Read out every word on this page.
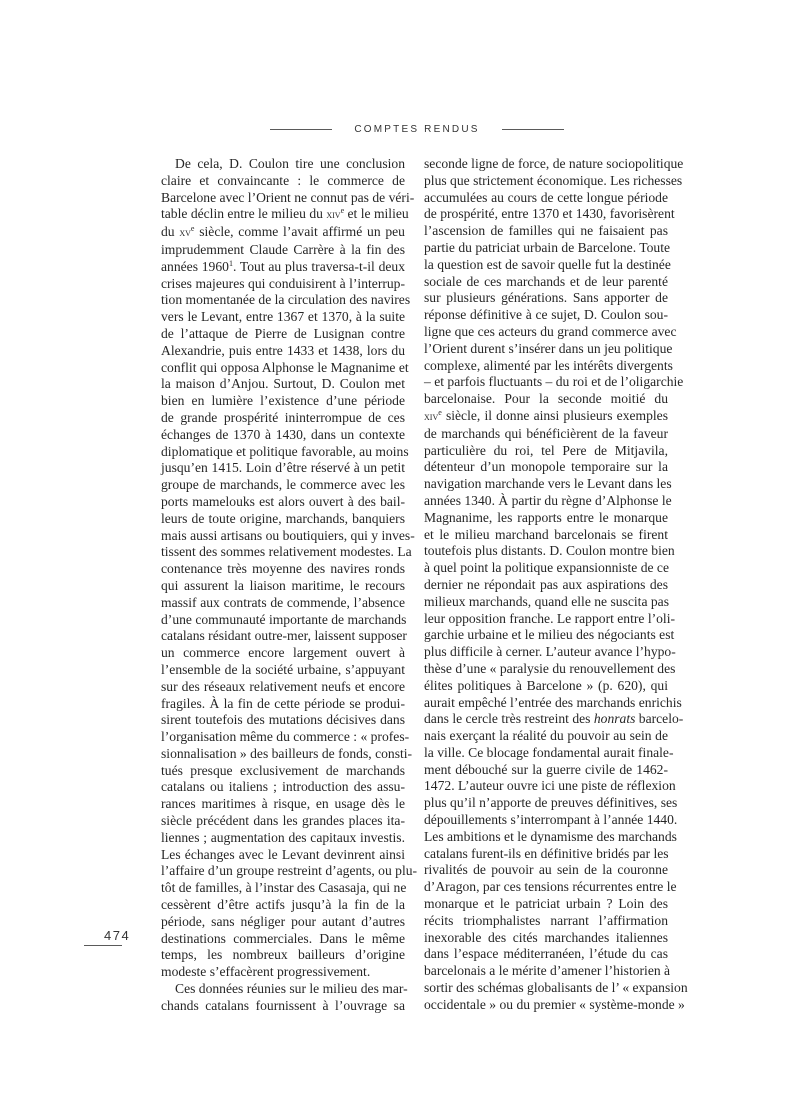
COMPTES RENDUS

De cela, D. Coulon tire une conclusion
claire et convaincante : le commerce de
Barcelone avec l’Orient ne connut pas de véri-
table déclin entre le milieu du xiv$^e$ et le milieu
du $xv^e$ siècle, comme l’avait affirmé un peu
imprudemment Claude Carrère à la fin des
années 1960$^1$. Tout au plus traversa-t-il deux
crises majeures qui conduisirent à l’interrup-
tion momentanée de la circulation des navires
vers le Levant, entre 1367 et 1370, à la suite
de l’attaque de Pierre de Lusignan contre
Alexandrie, puis entre 1433 et 1438, lors du
conflit qui opposa Alphonse le Magnanime et
la maison d’Anjou. Surtout, D. Coulon met
bien en lumière l’existence d’une période
de grande prospérité ininterrompue de ces
échanges de 1370 à 1430, dans un contexte
diplomatique et politique favorable, au moins
jusqu’en 1415. Loin d’être réservé à un petit
groupe de marchands, le commerce avec les
ports mamelouks est alors ouvert à des bail-
leurs de toute origine, marchands, banquiers
mais aussi artisans ou boutiquiers, qui y inves-
tissent des sommes relativement modestes. La
contenance très moyenne des navires ronds
qui assurent la liaison maritime, le recours
massif aux contrats de commende, l’absence
d’une communauté importante de marchands
catalans résidant outre-mer, laissent supposer
un commerce encore largement ouvert à
l’ensemble de la société urbaine, s’appuyant
sur des réseaux relativement neufs et encore
fragiles. À la fin de cette période se produi-
sirent toutefois des mutations décisives dans
l’organisation même du commerce : « profes-
sionnalisation » des bailleurs de fonds, consti-
tués presque exclusivement de marchands
catalans ou italiens ; introduction des assu-
rances maritimes à risque, en usage dès le
siècle précédent dans les grandes places ita-
liennes ; augmentation des capitaux investis.
Les échanges avec le Levant devinrent ainsi
l’affaire d’un groupe restreint d’agents, ou plu-
tôt de familles, à l’instar des Casasaja, qui ne
cessèrent d’être actifs jusqu’à la fin de la
période, sans négliger pour autant d’autres
destinations commerciales. Dans le même
temps, les nombreux bailleurs d’origine
modeste s’effacèrent progressivement.

Ces données réunies sur le milieu des mar-
chands catalans fournissent à l’ouvrage sa

seconde ligne de force, de nature sociopolitique
plus que strictement économique. Les richesses
accumulées au cours de cette longue période
de prospérité, entre 1370 et 1430, favorisèrent
l’ascension de familles qui ne faisaient pas
partie du patriciat urbain de Barcelone. Toute
la question est de savoir quelle fut la destinée
sociale de ces marchands et de leur parenté
sur plusieurs générations. Sans apporter de
réponse définitive à ce sujet, D. Coulon sou-
ligne que ces acteurs du grand commerce avec
l’Orient durent s’insérer dans un jeu politique
complexe, alimenté par les intérêts divergents
– et parfois fluctuants – du roi et de l’oligarchie
barcelonaise. Pour la seconde moitié du
xiv$^e$ siècle, il donne ainsi plusieurs exemples
de marchands qui bénéficièrent de la faveur
particulière du roi, tel Pere de Mitjavila,
détenteur d’un monopole temporaire sur la
navigation marchande vers le Levant dans les
années 1340. À partir du règne d’Alphonse le
Magnanime, les rapports entre le monarque
et le milieu marchand barcelonais se firent
toutefois plus distants. D. Coulon montre bien
à quel point la politique expansionniste de ce
dernier ne répondait pas aux aspirations des
milieux marchands, quand elle ne suscita pas
leur opposition franche. Le rapport entre l’oli-
garchie urbaine et le milieu des négociants est
plus difficile à cerner. L’auteur avance l’hypo-
thèse d’une « paralysie du renouvellement des
élites politiques à Barcelone » (p. 620), qui
aurait empêché l’entrée des marchands enrichis
dans le cercle très restreint des honrats barcelo-
nais exerçant la réalité du pouvoir au sein de
la ville. Ce blocage fondamental aurait finale-
ment débouché sur la guerre civile de 1462-
1472. L’auteur ouvre ici une piste de réflexion
plus qu’il n’apporte de preuves définitives, ses
dépouillements s’interrompant à l’année 1440.
Les ambitions et le dynamisme des marchands
catalans furent-ils en définitive bridés par les
rivalités de pouvoir au sein de la couronne
d’Aragon, par ces tensions récurrentes entre le
monarque et le patriciat urbain ? Loin des
récits triomphalistes narrant l’affirmation
inexorable des cités marchandes italiennes
dans l’espace méditerranéen, l’étude du cas
barcelonais a le mérite d’amener l’historien à
sortir des schémas globalisants de l’ « expansion
occidentale » ou du premier « système-monde »

474
